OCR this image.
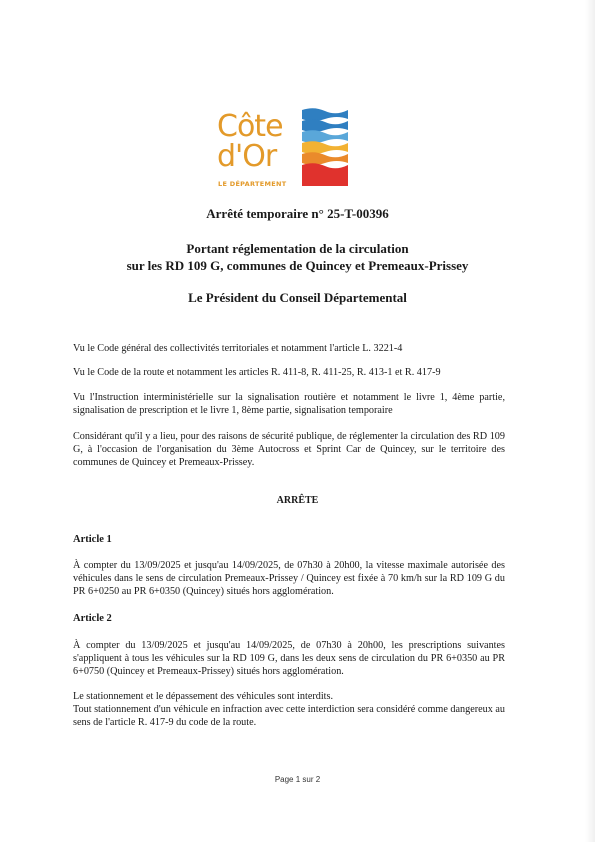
Côte
d'Or
LE DÉPARTEMENT
Arrêté temporaire n° 25-T-00396
Portant réglementation de la circulation
sur les RD 109 G, communes de Quincey et Premeaux-Prissey
Le Président du Conseil Départemental
Vu le Code général des collectivités territoriales et notamment l'article L. 3221-4
Vu le Code de la route et notamment les articles R. 411-8, R. 411-25, R. 413-1 et R. 417-9
Vu l'Instruction interministérielle sur la signalisation routière et notamment le livre 1, 4ème partie, signalisation de prescription et le livre 1, 8ème partie, signalisation temporaire
Considérant qu'il y a lieu, pour des raisons de sécurité publique, de réglementer la circulation des RD 109 G, à l'occasion de l'organisation du 3ème Autocross et Sprint Car de Quincey, sur le territoire des communes de Quincey et Premeaux-Prissey.
ARRÊTE
Article 1
À compter du 13/09/2025 et jusqu'au 14/09/2025, de 07h30 à 20h00, la vitesse maximale autorisée des véhicules dans le sens de circulation Premeaux-Prissey / Quincey est fixée à 70 km/h sur la RD 109 G du PR 6+0250 au PR 6+0350 (Quincey) situés hors agglomération.
Article 2
À compter du 13/09/2025 et jusqu'au 14/09/2025, de 07h30 à 20h00, les prescriptions suivantes s'appliquent à tous les véhicules sur la RD 109 G, dans les deux sens de circulation du PR 6+0350 au PR 6+0750 (Quincey et Premeaux-Prissey) situés hors agglomération.
Le stationnement et le dépassement des véhicules sont interdits.
Tout stationnement d'un véhicule en infraction avec cette interdiction sera considéré comme dangereux au sens de l'article R. 417-9 du code de la route.
Page 1 sur 2
